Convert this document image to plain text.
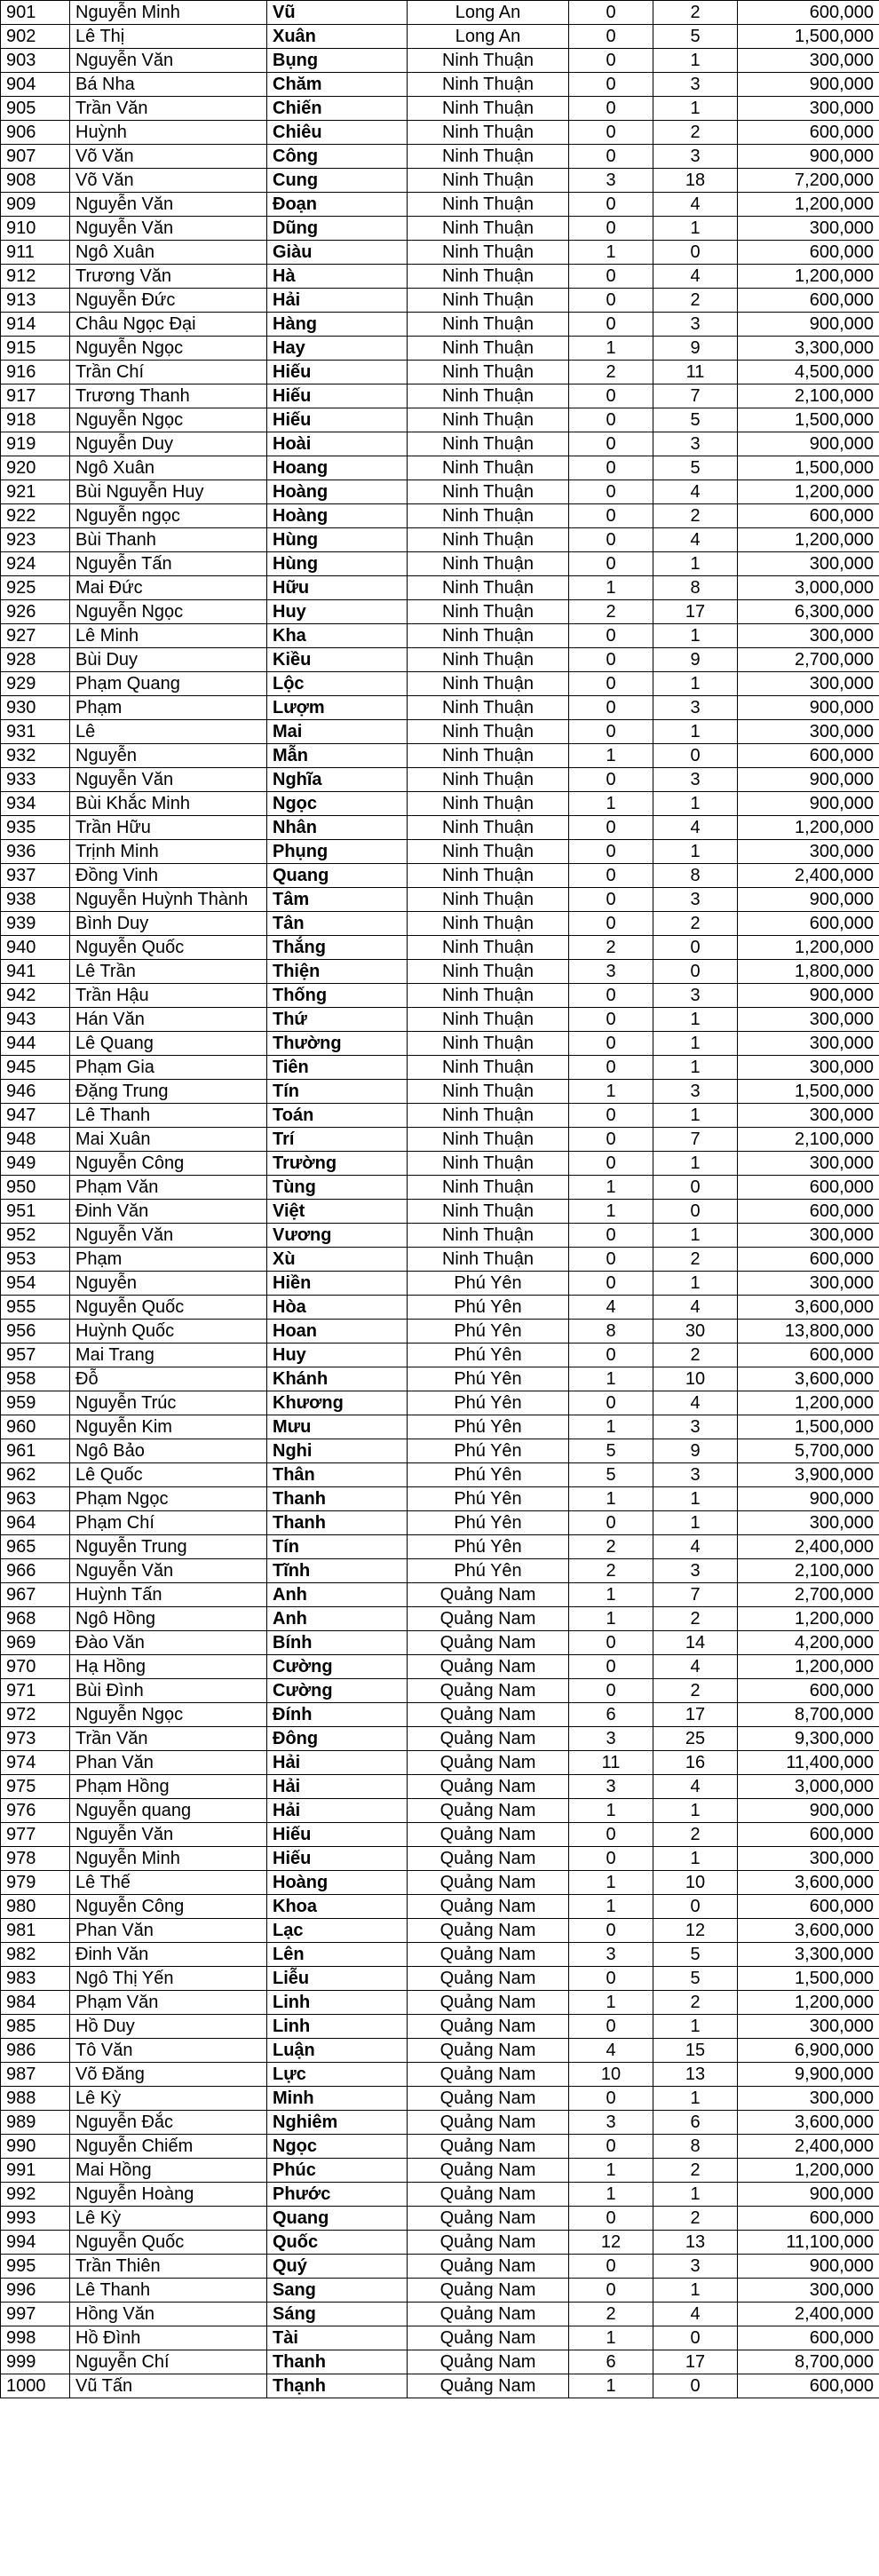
901	Nguyễn Minh	Vũ	Long An	0	2	600,000
902	Lê Thị	Xuân	Long An	0	5	1,500,000
903	Nguyễn Văn	Bụng	Ninh Thuận	0	1	300,000
904	Bá Nha	Chăm	Ninh Thuận	0	3	900,000
905	Trần Văn	Chiến	Ninh Thuận	0	1	300,000
906	Huỳnh	Chiêu	Ninh Thuận	0	2	600,000
907	Võ Văn	Công	Ninh Thuận	0	3	900,000
908	Võ Văn	Cung	Ninh Thuận	3	18	7,200,000
909	Nguyễn Văn	Đoạn	Ninh Thuận	0	4	1,200,000
910	Nguyễn Văn	Dũng	Ninh Thuận	0	1	300,000
911	Ngô Xuân	Giàu	Ninh Thuận	1	0	600,000
912	Trương Văn	Hà	Ninh Thuận	0	4	1,200,000
913	Nguyễn Đức	Hải	Ninh Thuận	0	2	600,000
914	Châu Ngọc Đại	Hàng	Ninh Thuận	0	3	900,000
915	Nguyễn Ngọc	Hay	Ninh Thuận	1	9	3,300,000
916	Trần Chí	Hiếu	Ninh Thuận	2	11	4,500,000
917	Trương Thanh	Hiếu	Ninh Thuận	0	7	2,100,000
918	Nguyễn Ngọc	Hiếu	Ninh Thuận	0	5	1,500,000
919	Nguyễn Duy	Hoài	Ninh Thuận	0	3	900,000
920	Ngô Xuân	Hoang	Ninh Thuận	0	5	1,500,000
921	Bùi Nguyễn Huy	Hoàng	Ninh Thuận	0	4	1,200,000
922	Nguyễn ngọc	Hoàng	Ninh Thuận	0	2	600,000
923	Bùi Thanh	Hùng	Ninh Thuận	0	4	1,200,000
924	Nguyễn Tấn	Hùng	Ninh Thuận	0	1	300,000
925	Mai Đức	Hữu	Ninh Thuận	1	8	3,000,000
926	Nguyễn Ngọc	Huy	Ninh Thuận	2	17	6,300,000
927	Lê Minh	Kha	Ninh Thuận	0	1	300,000
928	Bùi Duy	Kiều	Ninh Thuận	0	9	2,700,000
929	Phạm Quang	Lộc	Ninh Thuận	0	1	300,000
930	Phạm	Lượm	Ninh Thuận	0	3	900,000
931	Lê	Mai	Ninh Thuận	0	1	300,000
932	Nguyễn	Mẫn	Ninh Thuận	1	0	600,000
933	Nguyễn Văn	Nghĩa	Ninh Thuận	0	3	900,000
934	Bùi Khắc Minh	Ngọc	Ninh Thuận	1	1	900,000
935	Trần Hữu	Nhân	Ninh Thuận	0	4	1,200,000
936	Trịnh Minh	Phụng	Ninh Thuận	0	1	300,000
937	Đồng Vinh	Quang	Ninh Thuận	0	8	2,400,000
938	Nguyễn Huỳnh Thành	Tâm	Ninh Thuận	0	3	900,000
939	Bình Duy	Tân	Ninh Thuận	0	2	600,000
940	Nguyễn Quốc	Thắng	Ninh Thuận	2	0	1,200,000
941	Lê Trần	Thiện	Ninh Thuận	3	0	1,800,000
942	Trần Hậu	Thống	Ninh Thuận	0	3	900,000
943	Hán Văn	Thứ	Ninh Thuận	0	1	300,000
944	Lê Quang	Thường	Ninh Thuận	0	1	300,000
945	Phạm Gia	Tiên	Ninh Thuận	0	1	300,000
946	Đặng Trung	Tín	Ninh Thuận	1	3	1,500,000
947	Lê Thanh	Toán	Ninh Thuận	0	1	300,000
948	Mai Xuân	Trí	Ninh Thuận	0	7	2,100,000
949	Nguyễn Công	Trường	Ninh Thuận	0	1	300,000
950	Phạm Văn	Tùng	Ninh Thuận	1	0	600,000
951	Đinh Văn	Việt	Ninh Thuận	1	0	600,000
952	Nguyễn Văn	Vương	Ninh Thuận	0	1	300,000
953	Phạm	Xù	Ninh Thuận	0	2	600,000
954	Nguyễn	Hiền	Phú Yên	0	1	300,000
955	Nguyễn Quốc	Hòa	Phú Yên	4	4	3,600,000
956	Huỳnh Quốc	Hoan	Phú Yên	8	30	13,800,000
957	Mai Trang	Huy	Phú Yên	0	2	600,000
958	Đỗ	Khánh	Phú Yên	1	10	3,600,000
959	Nguyễn Trúc	Khương	Phú Yên	0	4	1,200,000
960	Nguyễn Kim	Mưu	Phú Yên	1	3	1,500,000
961	Ngô Bảo	Nghi	Phú Yên	5	9	5,700,000
962	Lê Quốc	Thân	Phú Yên	5	3	3,900,000
963	Phạm Ngọc	Thanh	Phú Yên	1	1	900,000
964	Phạm Chí	Thanh	Phú Yên	0	1	300,000
965	Nguyễn Trung	Tín	Phú Yên	2	4	2,400,000
966	Nguyễn Văn	Tĩnh	Phú Yên	2	3	2,100,000
967	Huỳnh Tấn	Anh	Quảng Nam	1	7	2,700,000
968	Ngô Hồng	Anh	Quảng Nam	1	2	1,200,000
969	Đào Văn	Bính	Quảng Nam	0	14	4,200,000
970	Hạ Hồng	Cường	Quảng Nam	0	4	1,200,000
971	Bùi Đình	Cường	Quảng Nam	0	2	600,000
972	Nguyễn Ngọc	Đính	Quảng Nam	6	17	8,700,000
973	Trần Văn	Đông	Quảng Nam	3	25	9,300,000
974	Phan Văn	Hải	Quảng Nam	11	16	11,400,000
975	Phạm Hồng	Hải	Quảng Nam	3	4	3,000,000
976	Nguyễn quang	Hải	Quảng Nam	1	1	900,000
977	Nguyễn Văn	Hiếu	Quảng Nam	0	2	600,000
978	Nguyễn Minh	Hiếu	Quảng Nam	0	1	300,000
979	Lê Thế	Hoàng	Quảng Nam	1	10	3,600,000
980	Nguyễn Công	Khoa	Quảng Nam	1	0	600,000
981	Phan Văn	Lạc	Quảng Nam	0	12	3,600,000
982	Đinh Văn	Lên	Quảng Nam	3	5	3,300,000
983	Ngô Thị Yến	Liễu	Quảng Nam	0	5	1,500,000
984	Phạm Văn	Linh	Quảng Nam	1	2	1,200,000
985	Hồ Duy	Linh	Quảng Nam	0	1	300,000
986	Tô Văn	Luận	Quảng Nam	4	15	6,900,000
987	Võ Đăng	Lực	Quảng Nam	10	13	9,900,000
988	Lê Kỳ	Minh	Quảng Nam	0	1	300,000
989	Nguyễn Đắc	Nghiêm	Quảng Nam	3	6	3,600,000
990	Nguyễn Chiếm	Ngọc	Quảng Nam	0	8	2,400,000
991	Mai Hồng	Phúc	Quảng Nam	1	2	1,200,000
992	Nguyễn Hoàng	Phước	Quảng Nam	1	1	900,000
993	Lê Kỳ	Quang	Quảng Nam	0	2	600,000
994	Nguyễn Quốc	Quốc	Quảng Nam	12	13	11,100,000
995	Trần Thiên	Quý	Quảng Nam	0	3	900,000
996	Lê Thanh	Sang	Quảng Nam	0	1	300,000
997	Hồng Văn	Sáng	Quảng Nam	2	4	2,400,000
998	Hồ Đình	Tài	Quảng Nam	1	0	600,000
999	Nguyễn Chí	Thanh	Quảng Nam	6	17	8,700,000
1000	Vũ Tấn	Thạnh	Quảng Nam	1	0	600,000
